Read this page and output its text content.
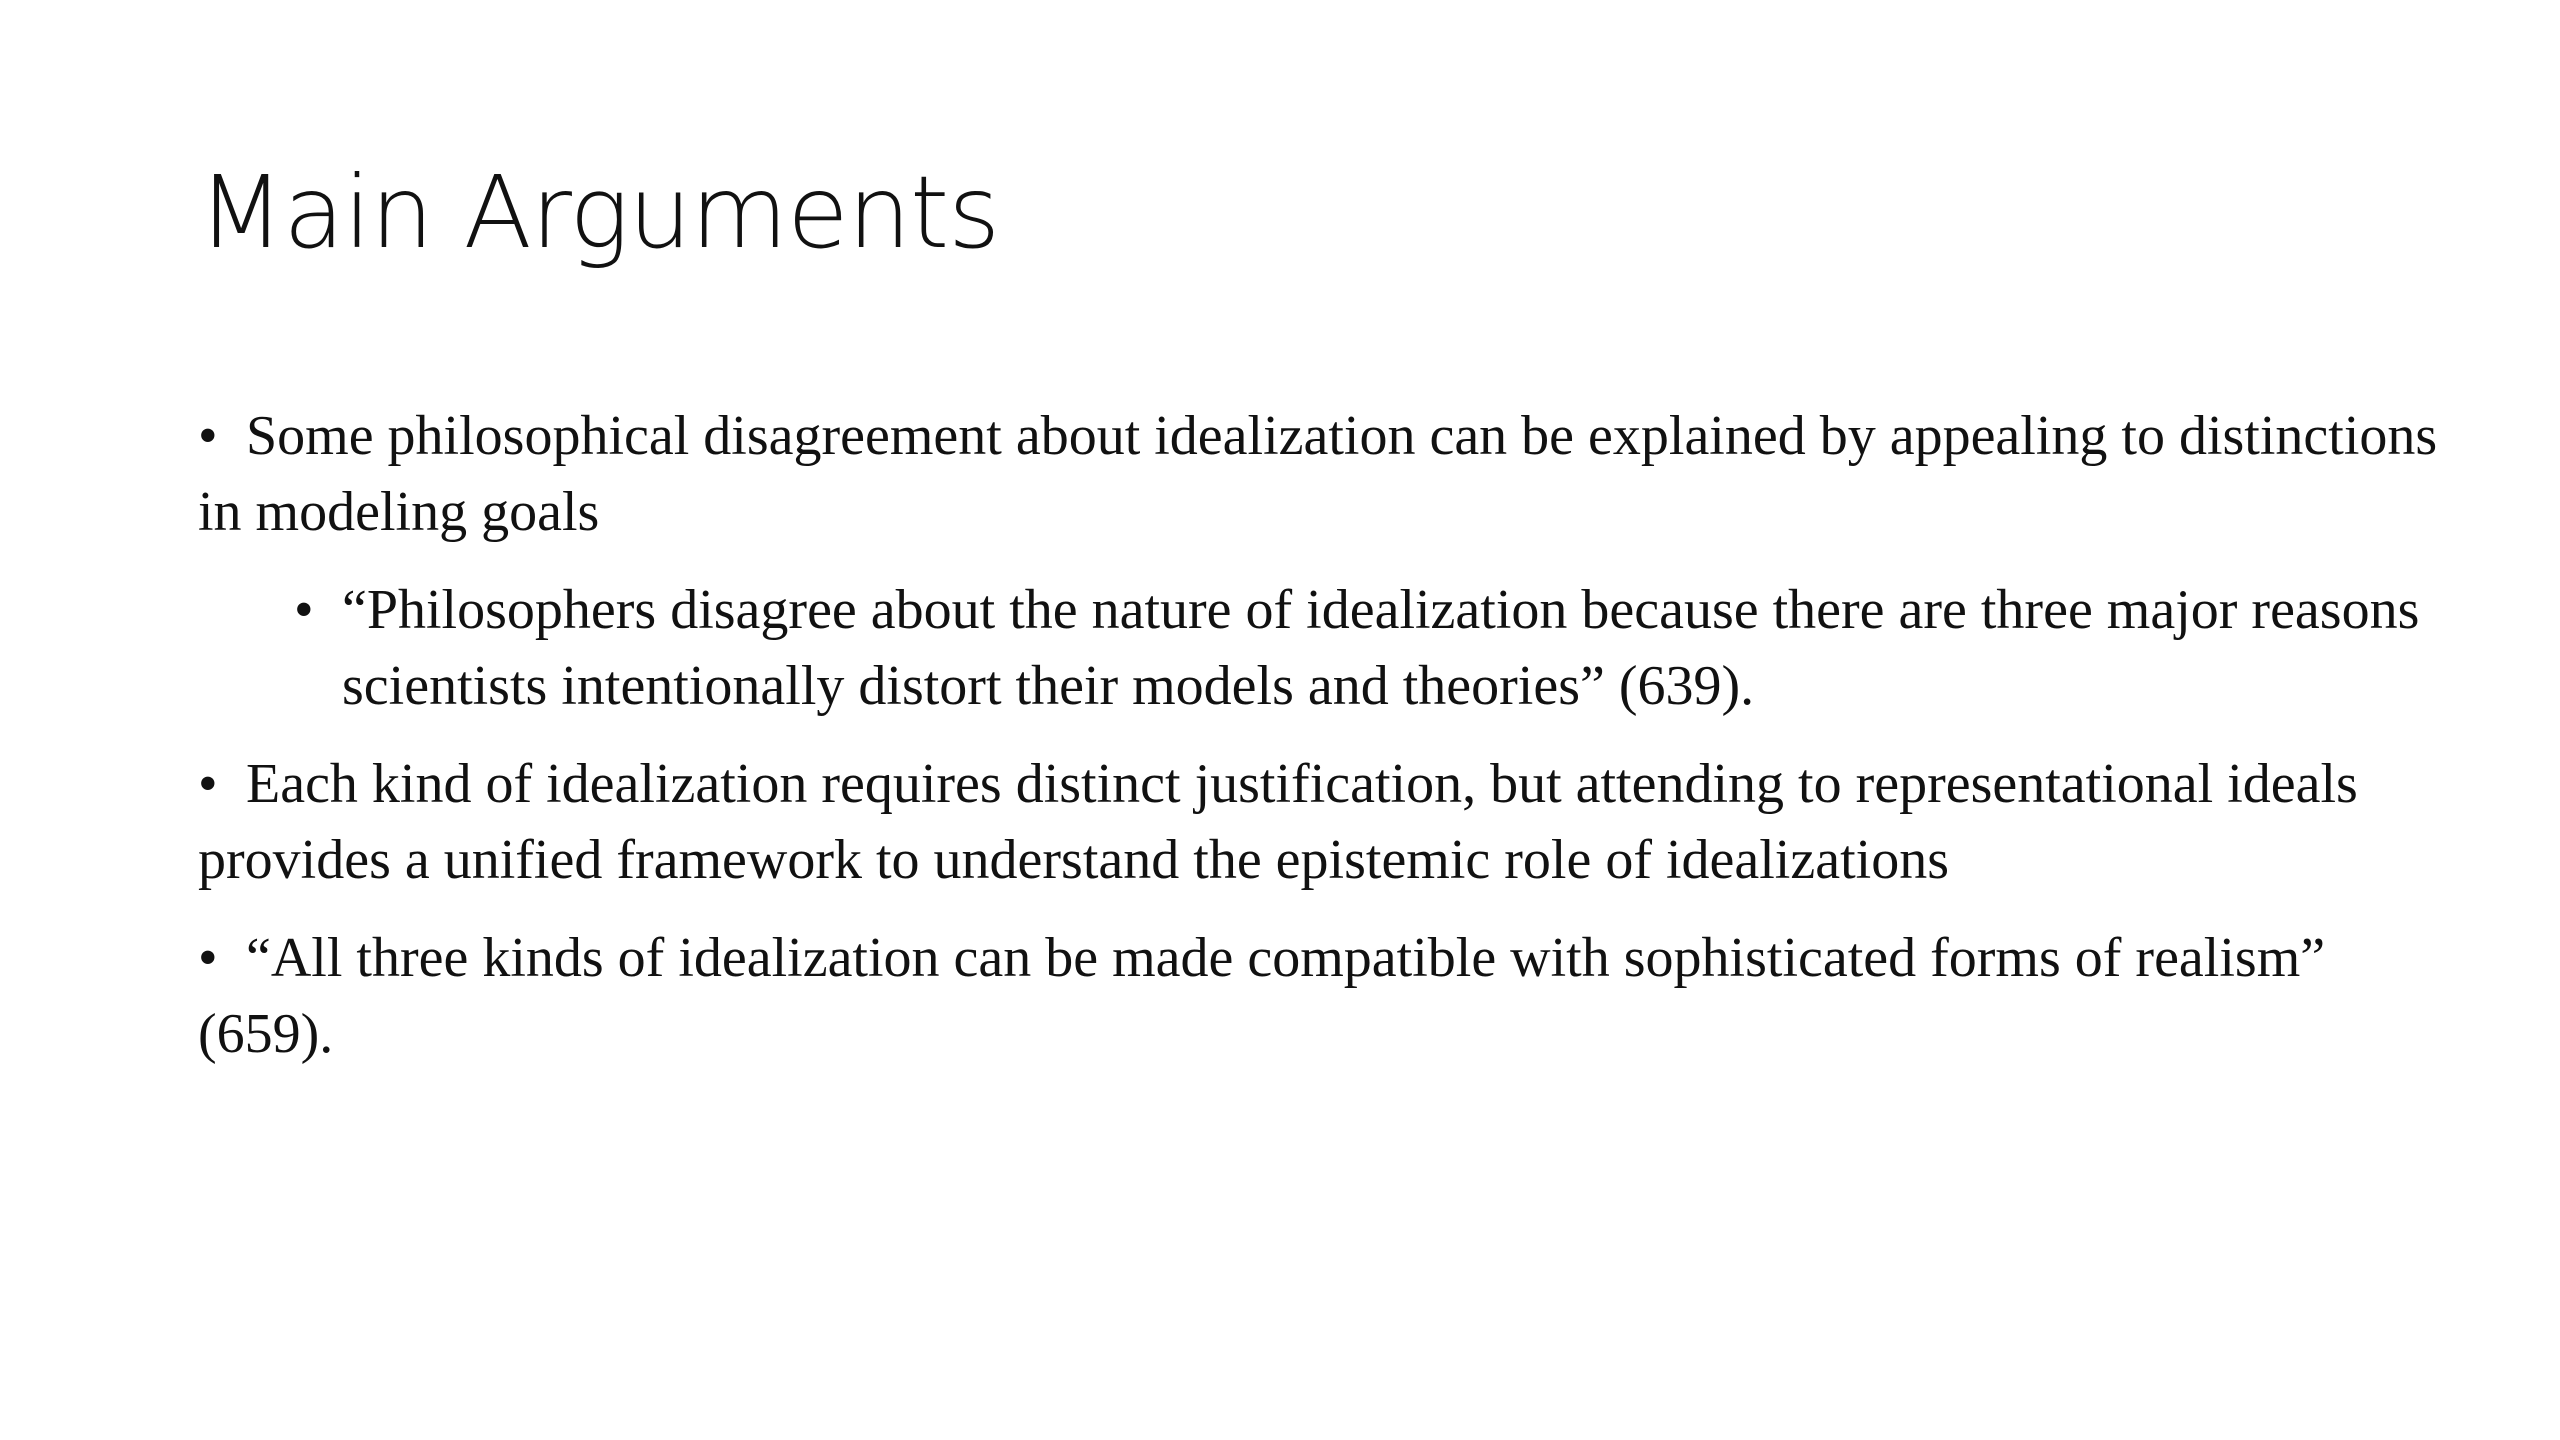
Main Arguments

• Some philosophical disagreement about idealization can be explained by appealing to distinctions in modeling goals

• “Philosophers disagree about the nature of idealization because there are three major reasons scientists intentionally distort their models and theories” (639).

• Each kind of idealization requires distinct justification, but attending to representational ideals provides a unified framework to understand the epistemic role of idealizations

• “All three kinds of idealization can be made compatible with sophisticated forms of realism” (659).
